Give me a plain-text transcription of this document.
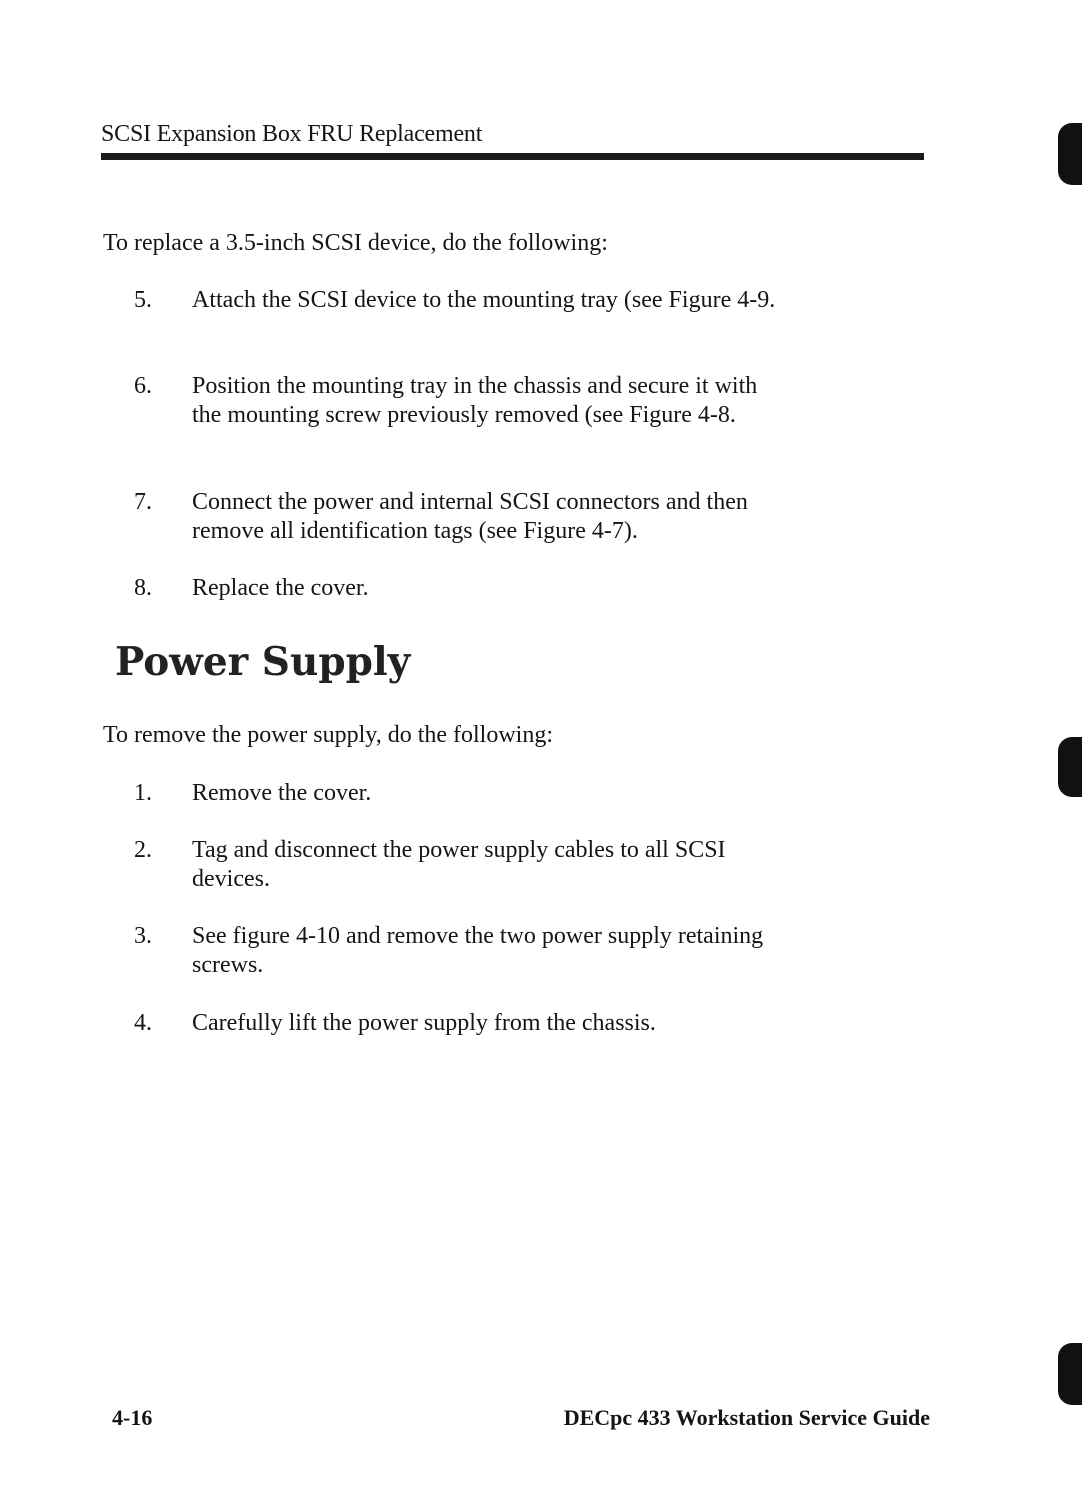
SCSI Expansion Box FRU Replacement
To replace a 3.5-inch SCSI device, do the following:
5. Attach the SCSI device to the mounting tray (see Figure 4-9.
6. Position the mounting tray in the chassis and secure it with the mounting screw previously removed (see Figure 4-8.
7. Connect the power and internal SCSI connectors and then remove all identification tags (see Figure 4-7).
8. Replace the cover.
Power Supply
To remove the power supply, do the following:
1. Remove the cover.
2. Tag and disconnect the power supply cables to all SCSI devices.
3. See figure 4-10 and remove the two power supply retaining screws.
4. Carefully lift the power supply from the chassis.
4-16	DECpc 433 Workstation Service Guide
